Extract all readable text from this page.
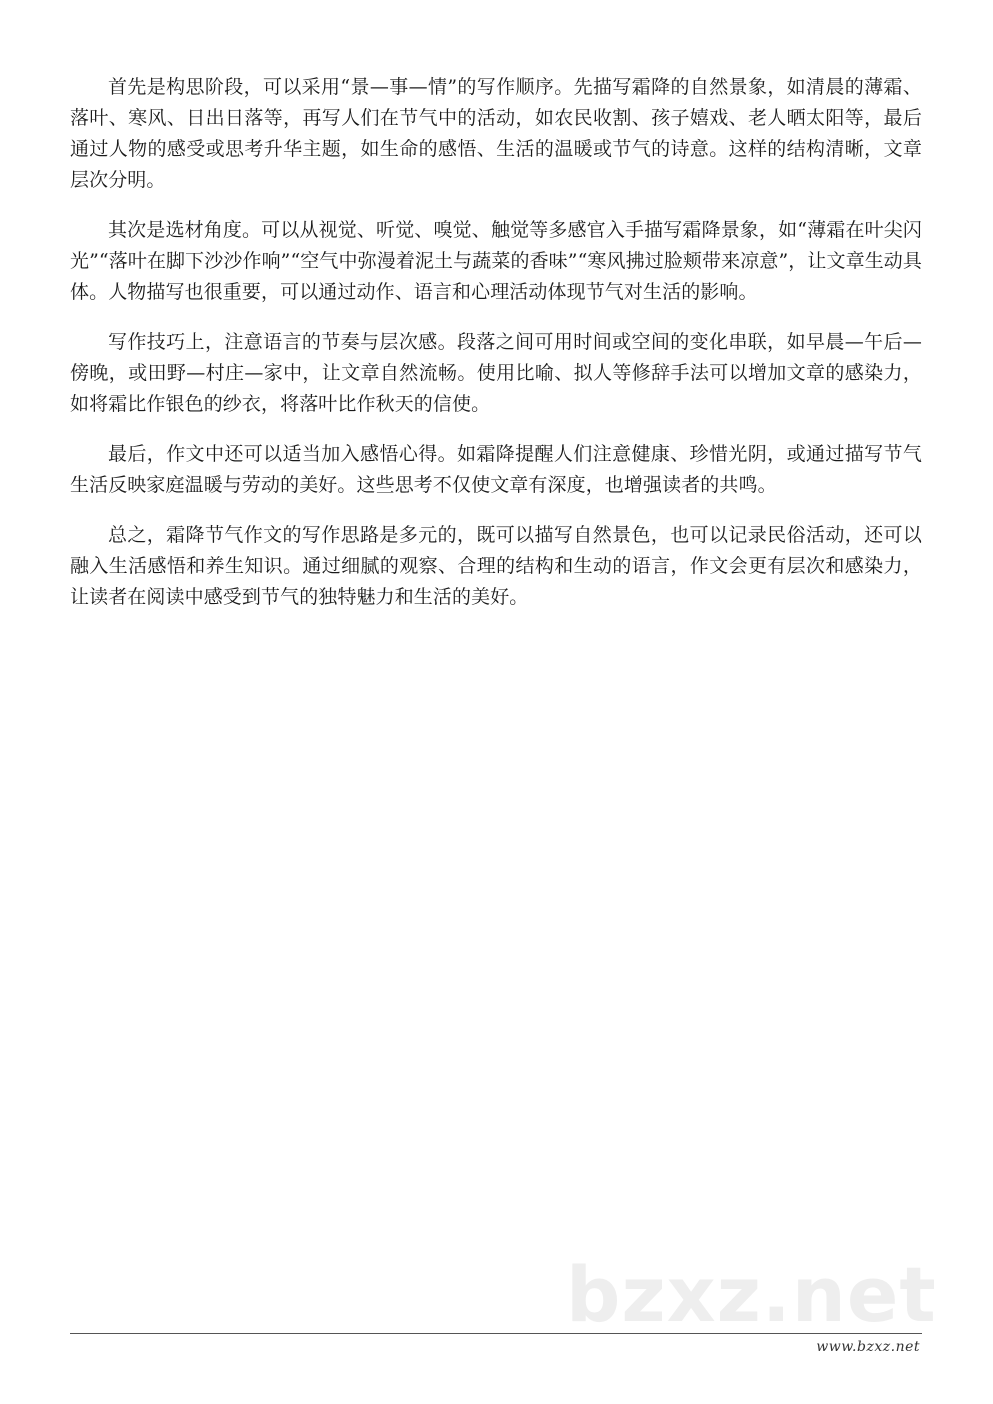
首先是构思阶段，可以采用“景—事—情”的写作顺序。先描写霜降的自然景象，如清晨的薄霜、落叶、寒风、日出日落等，再写人们在节气中的活动，如农民收割、孩子嬉戏、老人晒太阳等，最后通过人物的感受或思考升华主题，如生命的感悟、生活的温暖或节气的诗意。这样的结构清晰，文章层次分明。

其次是选材角度。可以从视觉、听觉、嗅觉、触觉等多感官入手描写霜降景象，如“薄霜在叶尖闪光”“落叶在脚下沙沙作响”“空气中弥漫着泥土与蔬菜的香味”“寒风拂过脸颊带来凉意”，让文章生动具体。人物描写也很重要，可以通过动作、语言和心理活动体现节气对生活的影响。

写作技巧上，注意语言的节奏与层次感。段落之间可用时间或空间的变化串联，如早晨—午后—傍晚，或田野—村庄—家中，让文章自然流畅。使用比喻、拟人等修辞手法可以增加文章的感染力，如将霜比作银色的纱衣，将落叶比作秋天的信使。

最后，作文中还可以适当加入感悟心得。如霜降提醒人们注意健康、珍惜光阴，或通过描写节气生活反映家庭温暖与劳动的美好。这些思考不仅使文章有深度，也增强读者的共鸣。

总之，霜降节气作文的写作思路是多元的，既可以描写自然景色，也可以记录民俗活动，还可以融入生活感悟和养生知识。通过细腻的观察、合理的结构和生动的语言，作文会更有层次和感染力，让读者在阅读中感受到节气的独特魅力和生活的美好。

bzxz.net
www.bzxz.net
